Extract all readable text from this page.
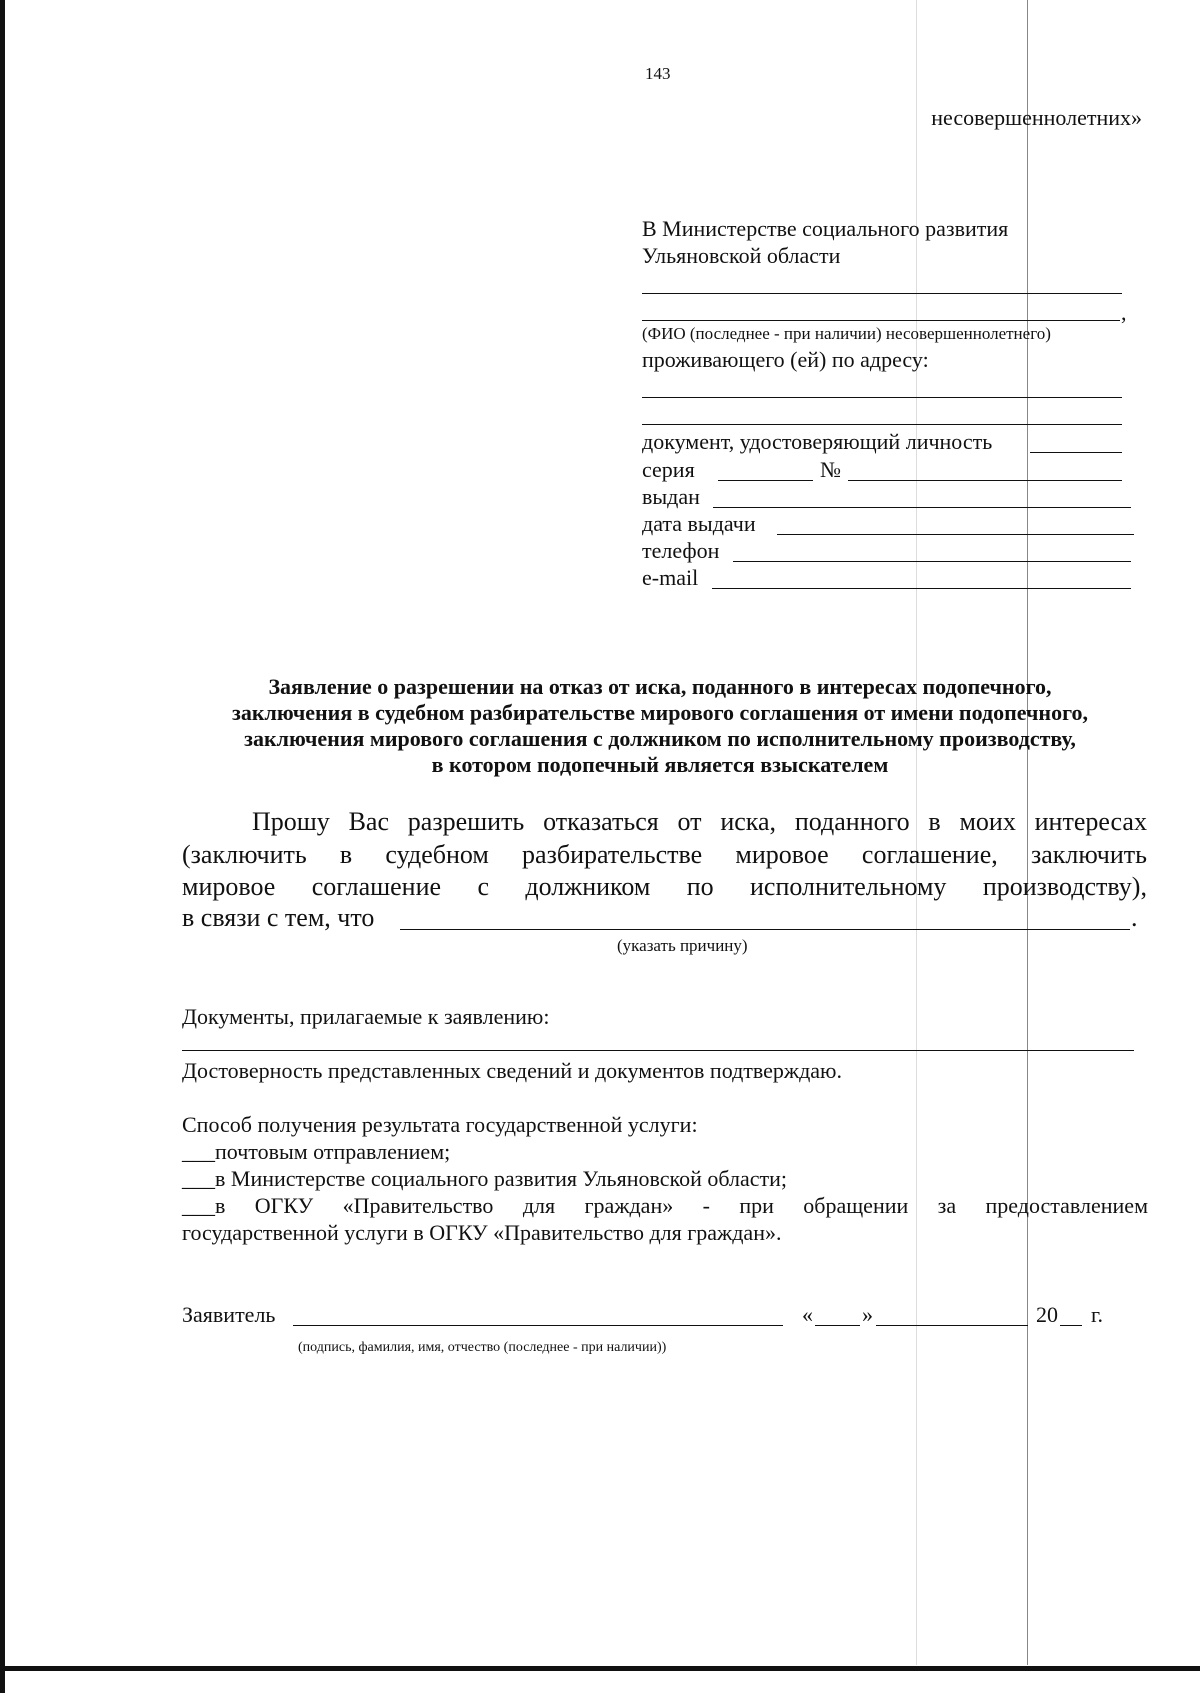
143
несовершеннолетних»
В Министерстве социального развития
Ульяновской области
,
(ФИО (последнее - при наличии) несовершеннолетнего)
проживающего (ей) по адресу:
документ, удостоверяющий личность
серия	№
выдан
дата выдачи
телефон
e-mail
Заявление о разрешении на отказ от иска, поданного в интересах подопечного,
заключения в судебном разбирательстве мирового соглашения от имени подопечного,
заключения мирового соглашения с должником по исполнительному производству,
в котором подопечный является взыскателем
Прошу Вас разрешить отказаться от иска, поданного в моих интересах
(заключить в судебном разбирательстве мировое соглашение, заключить
мировое соглашение с должником по исполнительному производству),
в связи с тем, что	.
(указать причину)
Документы, прилагаемые к заявлению:
Достоверность представленных сведений и документов подтверждаю.
Способ получения результата государственной услуги:
___почтовым отправлением;
___в Министерстве социального развития Ульяновской области;
___в ОГКУ «Правительство для граждан» - при обращении за предоставлением
государственной услуги в ОГКУ «Правительство для граждан».
Заявитель	« »	20 г.
(подпись, фамилия, имя, отчество (последнее - при наличии))
